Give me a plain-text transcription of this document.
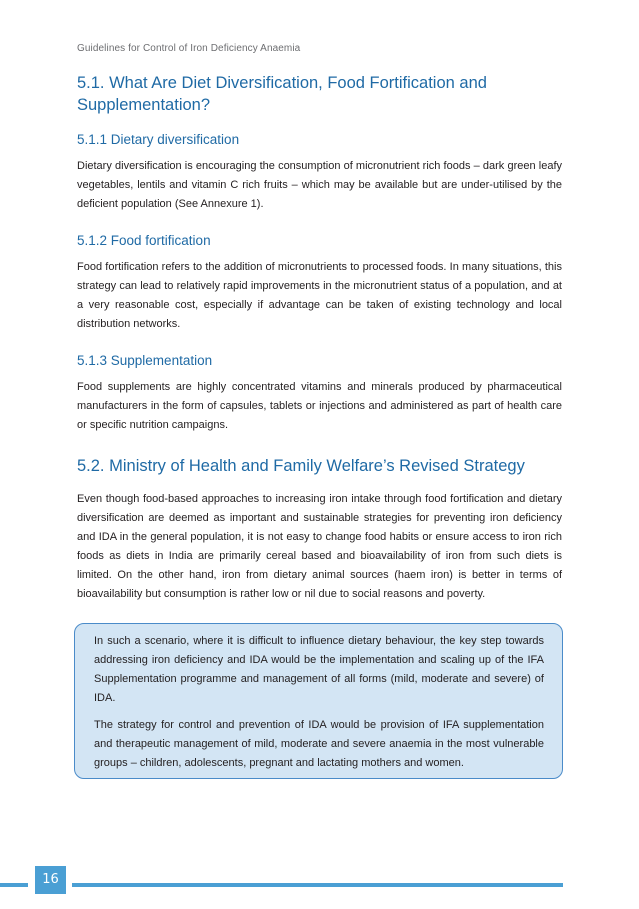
Guidelines for Control of Iron Deficiency Anaemia
5.1. What Are Diet Diversification, Food Fortification and Supplementation?
5.1.1 Dietary diversification

Dietary diversification is encouraging the consumption of micronutrient rich foods – dark green leafy vegetables, lentils and vitamin C rich fruits – which may be available but are under-utilised by the deficient population (See Annexure 1).

5.1.2 Food fortification

Food fortification refers to the addition of micronutrients to processed foods. In many situations, this strategy can lead to relatively rapid improvements in the micronutrient status of a population, and at a very reasonable cost, especially if advantage can be taken of existing technology and local distribution networks.

5.1.3 Supplementation

Food supplements are highly concentrated vitamins and minerals produced by pharmaceutical manufacturers in the form of capsules, tablets or injections and administered as part of health care or specific nutrition campaigns.

5.2. Ministry of Health and Family Welfare’s Revised Strategy

Even though food-based approaches to increasing iron intake through food fortification and dietary diversification are deemed as important and sustainable strategies for preventing iron deficiency and IDA in the general population, it is not easy to change food habits or ensure access to iron rich foods as diets in India are primarily cereal based and bioavailability of iron from such diets is limited. On the other hand, iron from dietary animal sources (haem iron) is better in terms of bioavailability but consumption is rather low or nil due to social reasons and poverty.

In such a scenario, where it is difficult to influence dietary behaviour, the key step towards addressing iron deficiency and IDA would be the implementation and scaling up of the IFA Supplementation programme and management of all forms (mild, moderate and severe) of IDA.

The strategy for control and prevention of IDA would be provision of IFA supplementation and therapeutic management of mild, moderate and severe anaemia in the most vulnerable groups – children, adolescents, pregnant and lactating mothers and women.

16
